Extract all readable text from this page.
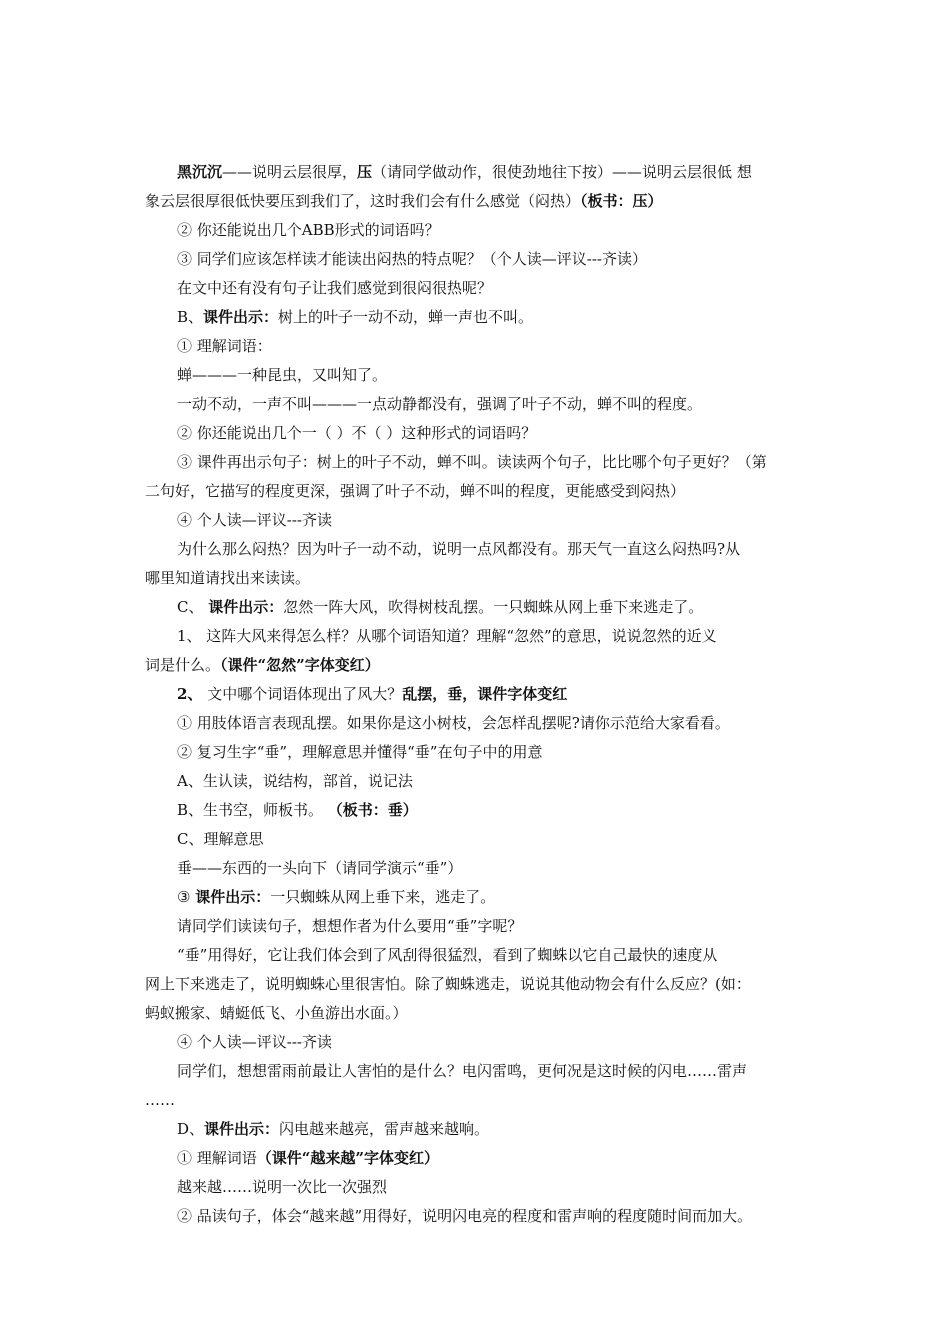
黑沉沉——说明云层很厚，压（请同学做动作，很使劲地往下按）——说明云层很低 想
象云层很厚很低快要压到我们了，这时我们会有什么感觉（闷热）（板书：压）
② 你还能说出几个ABB形式的词语吗？
③ 同学们应该怎样读才能读出闷热的特点呢？（个人读—评议---齐读）
在文中还有没有句子让我们感觉到很闷很热呢？
B、课件出示：树上的叶子一动不动，蝉一声也不叫。
① 理解词语：
蝉———一种昆虫，又叫知了。
一动不动，一声不叫———一点动静都没有，强调了叶子不动，蝉不叫的程度。
② 你还能说出几个一（ ）不（ ）这种形式的词语吗？
③ 课件再出示句子：树上的叶子不动，蝉不叫。读读两个句子，比比哪个句子更好？（第
二句好，它描写的程度更深，强调了叶子不动，蝉不叫的程度，更能感受到闷热）
④ 个人读—评议---齐读
为什么那么闷热？因为叶子一动不动，说明一点风都没有。那天气一直这么闷热吗?从
哪里知道请找出来读读。
C、 课件出示：忽然一阵大风，吹得树枝乱摆。一只蜘蛛从网上垂下来逃走了。
1、 这阵大风来得怎么样？从哪个词语知道？理解“忽然”的意思，说说忽然的近义
词是什么。（课件“忽然”字体变红）
2、 文中哪个词语体现出了风大？乱摆，垂，课件字体变红
① 用肢体语言表现乱摆。如果你是这小树枝，会怎样乱摆呢?请你示范给大家看看。
② 复习生字“垂”，理解意思并懂得“垂”在句子中的用意
A、生认读，说结构，部首，说记法
B、生书空，师板书。 （板书：垂）
C、理解意思
垂——东西的一头向下（请同学演示“垂”）
③ 课件出示：一只蜘蛛从网上垂下来，逃走了。
请同学们读读句子，想想作者为什么要用“垂”字呢？
“垂”用得好，它让我们体会到了风刮得很猛烈，看到了蜘蛛以它自己最快的速度从
网上下来逃走了，说明蜘蛛心里很害怕。除了蜘蛛逃走，说说其他动物会有什么反应？(如：
蚂蚁搬家、蜻蜓低飞、小鱼游出水面。）
④ 个人读—评议---齐读
同学们，想想雷雨前最让人害怕的是什么？电闪雷鸣，更何况是这时候的闪电……雷声
……
D、课件出示：闪电越来越亮，雷声越来越响。
① 理解词语（课件“越来越”字体变红）
越来越……说明一次比一次强烈
② 品读句子，体会“越来越”用得好，说明闪电亮的程度和雷声响的程度随时间而加大。
